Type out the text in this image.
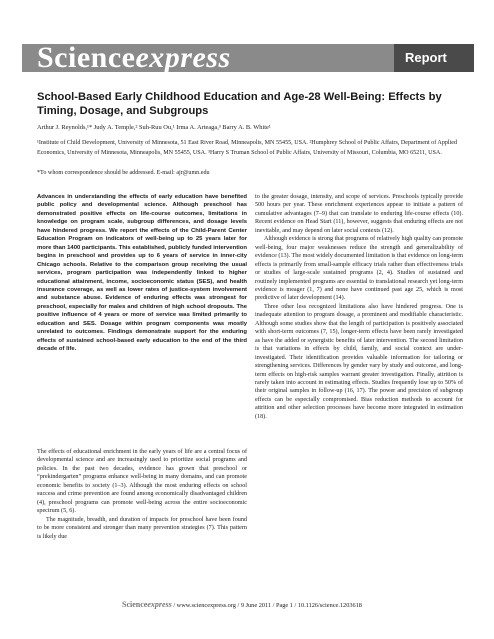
Scienceexpress	Report
School-Based Early Childhood Education and Age-28 Well-Being: Effects by Timing, Dosage, and Subgroups
Arthur J. Reynolds,¹* Judy A. Temple,² Suh-Ruu Ou,¹ Irma A. Arteaga,³ Barry A. B. White¹
¹Institute of Child Development, University of Minnesota, 51 East River Road, Minneapolis, MN 55455, USA. ²Humphrey School of Public Affairs, Department of Applied Economics, University of Minnesota, Minneapolis, MN 55455, USA. ³Harry S Truman School of Public Affairs, University of Missouri, Columbia, MO 65211, USA.
*To whom correspondence should be addressed. E-mail: ajr@umn.edu

Advances in understanding the effects of early education have benefited public policy and developmental science. Although preschool has demonstrated positive effects on life-course outcomes, limitations in knowledge on program scale, subgroup differences, and dosage levels have hindered progress. We report the effects of the Child-Parent Center Education Program on indicators of well-being up to 25 years later for more than 1400 participants. This established, publicly funded intervention begins in preschool and provides up to 6 years of service in inner-city Chicago schools. Relative to the comparison group receiving the usual services, program participation was independently linked to higher educational attainment, income, socioeconomic status (SES), and health insurance coverage, as well as lower rates of justice-system involvement and substance abuse. Evidence of enduring effects was strongest for preschool, especially for males and children of high school dropouts. The positive influence of 4 years or more of service was limited primarily to education and SES. Dosage within program components was mostly unrelated to outcomes. Findings demonstrate support for the enduring effects of sustained school-based early education to the end of the third decade of life.

The effects of educational enrichment in the early years of life are a central focus of developmental science and are increasingly used to prioritize social programs and policies. In the past two decades, evidence has grown that preschool or “prekindergarten” programs enhance well-being in many domains, and can promote economic benefits to society (1–3). Although the most enduring effects on school success and crime prevention are found among economically disadvantaged children (4), preschool programs can promote well-being across the entire socioeconomic spectrum (5, 6).

The magnitude, breadth, and duration of impacts for preschool have been found to be more consistent and stronger than many prevention strategies (7). This pattern is likely due

to the greater dosage, intensity, and scope of services. Preschools typically provide 500 hours per year. These enrichment experiences appear to initiate a pattern of cumulative advantages (7–9) that can translate to enduring life-course effects (10). Recent evidence on Head Start (11), however, suggests that enduring effects are not inevitable, and may depend on later social contexts (12).

Although evidence is strong that programs of relatively high quality can promote well-being, four major weaknesses reduce the strength and generalizability of evidence (13). The most widely documented limitation is that evidence on long-term effects is primarily from small-sample efficacy trials rather than effectiveness trials or studies of large-scale sustained programs (2, 4). Studies of sustained and routinely implemented programs are essential to translational research yet long-term evidence is meager (1, 7) and none have continued past age 25, which is most predictive of later development (14).

Three other less recognized limitations also have hindered progress. One is inadequate attention to program dosage, a prominent and modifiable characteristic. Although some studies show that the length of participation is positively associated with short-term outcomes (7, 15), longer-term effects have been rarely investigated as have the added or synergistic benefits of later intervention. The second limitation is that variations in effects by child, family, and social context are under-investigated. Their identification provides valuable information for tailoring or strengthening services. Differences by gender vary by study and outcome, and long-term effects on high-risk samples warrant greater investigation. Finally, attrition is rarely taken into account in estimating effects. Studies frequently lose up to 50% of their original samples in follow-up (16, 17). The power and precision of subgroup effects can be especially compromised. Bias reduction methods to account for attrition and other selection processes have become more integrated in estimation (18).

Scienceexpress / www.sciencexpress.org / 9 June 2011 / Page 1 / 10.1126/science.1203618
